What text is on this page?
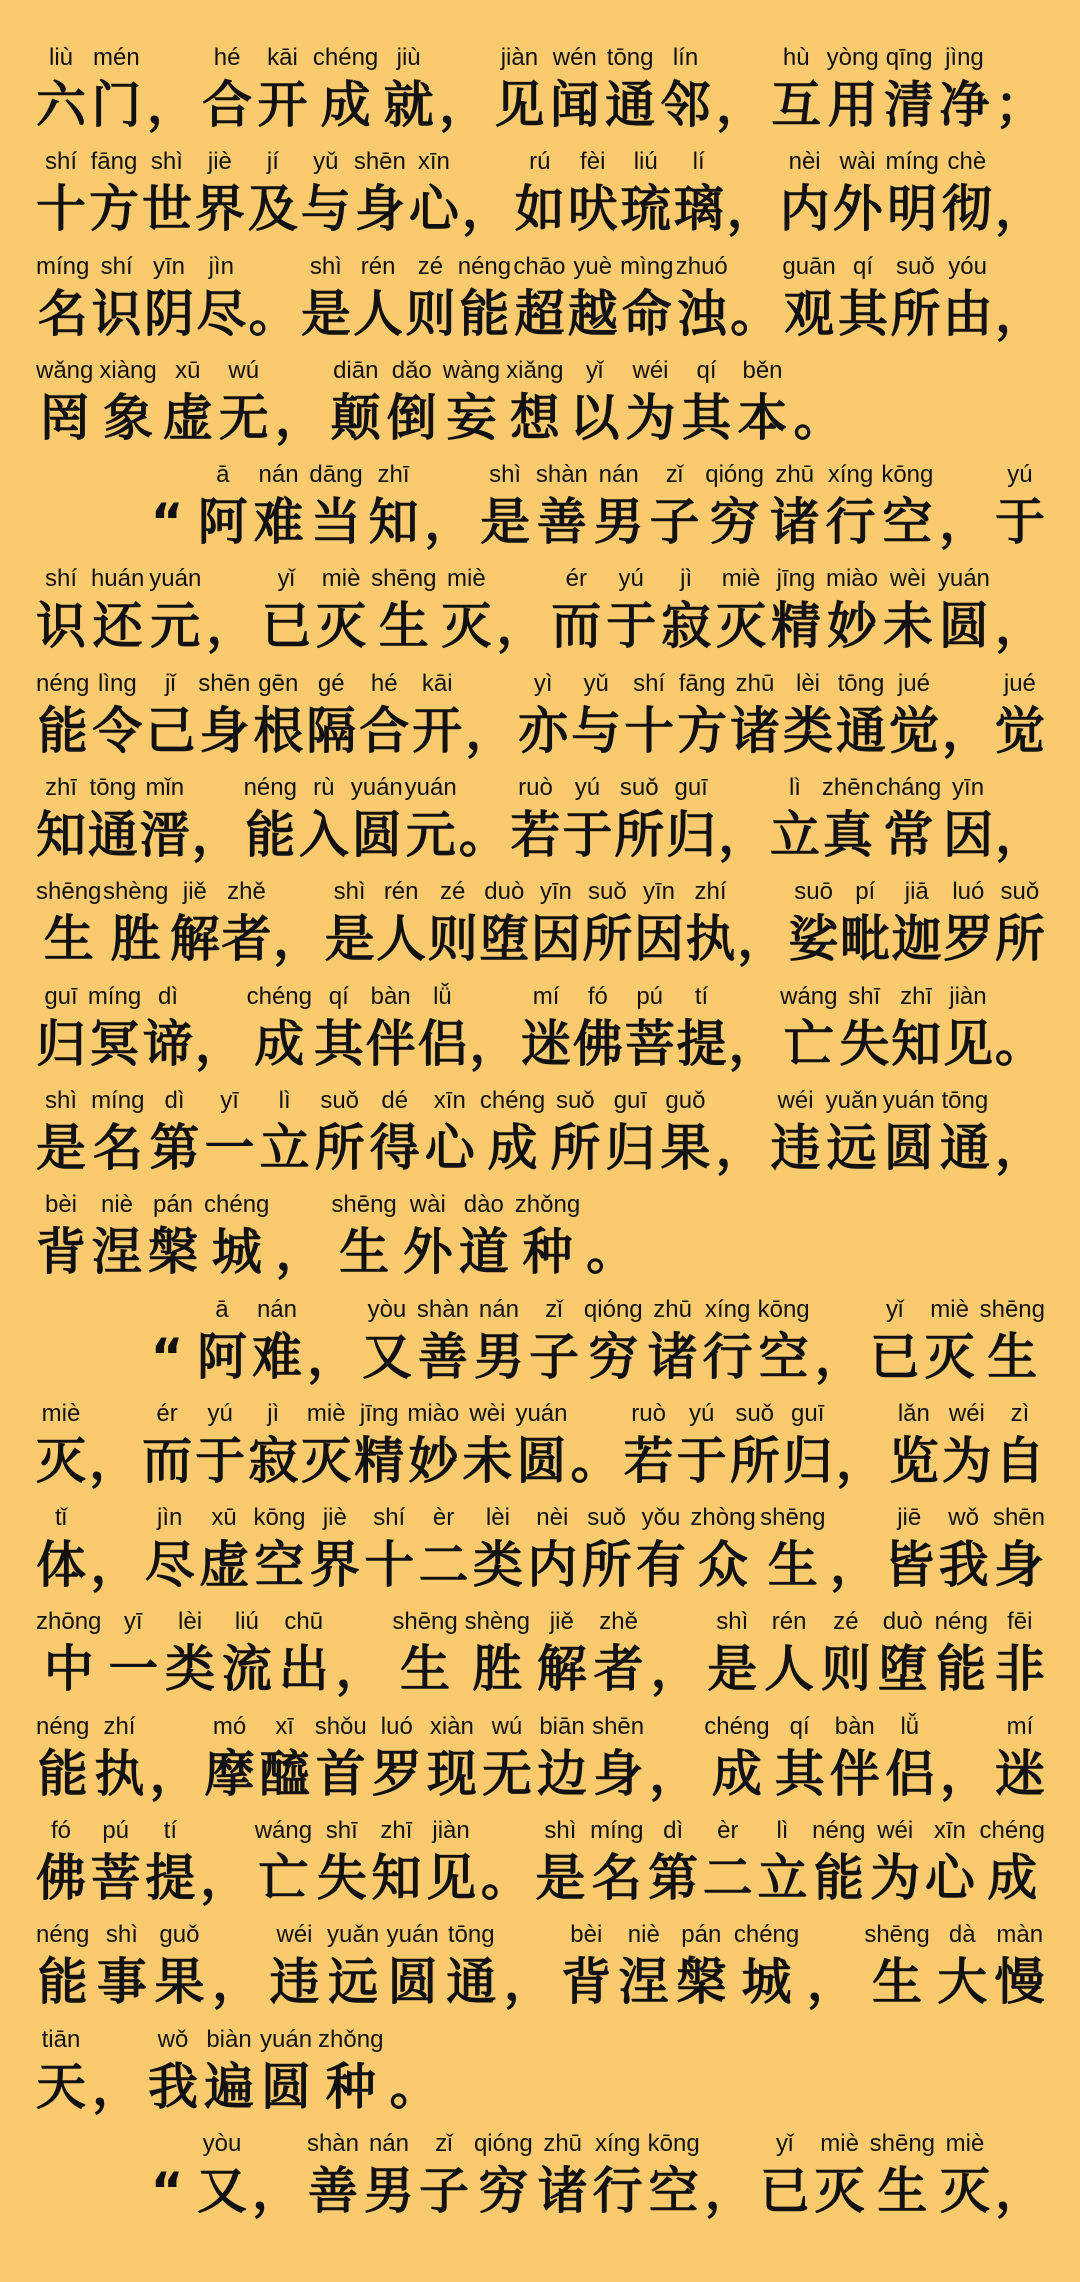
liù
六
mén
门 ，
hé
合
kāi
开
chéng
成
jiù
就 ，
jiàn
见
wén
闻
tōng
通
lín
邻 ，
hù
互
yòng
用
qīng
清
jìng
净 ；
shí
十
fāng
方
shì
世
jiè
界
jí
及
yǔ
与
shēn
身
xīn
心 ，
rú
如
fèi
吠
liú
琉
lí
璃 ，
nèi
内
wài
外
míng
明
chè
彻 ，
míng
名
shí
识
yīn
阴
jìn
尽 。
shì
是
rén
人
zé
则
néng
能
chāo
超
yuè
越
mìng
命
zhuó
浊 。
guān
观
qí
其
suǒ
所
yóu
由 ，
wǎng
罔
xiàng
象
xū
虚
wú
无 ，
diān
颠
dǎo
倒
wàng
妄
xiǎng
想
yǐ
以
wéi
为
qí
其
běn
本 。
“
ā
阿
nán
难
dāng
当
zhī
知 ，
shì
是
shàn
善
nán
男
zǐ
子
qióng
穷
zhū
诸
xíng
行
kōng
空 ，
yú
于
shí
识
huán
还
yuán
元 ，
yǐ
已
miè
灭
shēng
生
miè
灭 ，
ér
而
yú
于
jì
寂
miè
灭
jīng
精
miào
妙
wèi
未
yuán
圆 ，
néng
能
lìng
令
jǐ
己
shēn
身
gēn
根
gé
隔
hé
合
kāi
开 ，
yì
亦
yǔ
与
shí
十
fāng
方
zhū
诸
lèi
类
tōng
通
jué
觉 ，
jué
觉
zhī
知
tōng
通
mǐn
溍 ，
néng
能
rù
入
yuán
圆
yuán
元 。
ruò
若
yú
于
suǒ
所
guī
归 ，
lì
立
zhēn
真
cháng
常
yīn
因 ，
shēng
生
shèng
胜
jiě
解
zhě
者 ，
shì
是
rén
人
zé
则
duò
堕
yīn
因
suǒ
所
yīn
因
zhí
执 ，
suō
娑
pí
毗
jiā
迦
luó
罗
suǒ
所
guī
归
míng
冥
dì
谛 ，
chéng
成
qí
其
bàn
伴
lǚ
侣 ，
mí
迷
fó
佛
pú
菩
tí
提 ，
wáng
亡
shī
失
zhī
知
jiàn
见 。
shì
是
míng
名
dì
第
yī
一
lì
立
suǒ
所
dé
得
xīn
心
chéng
成
suǒ
所
guī
归
guǒ
果 ，
wéi
违
yuǎn
远
yuán
圆
tōng
通 ，
bèi
背
niè
涅
pán
槃
chéng
城 ，
shēng
生
wài
外
dào
道
zhǒng
种 。
“
ā
阿
nán
难 ，
yòu
又
shàn
善
nán
男
zǐ
子
qióng
穷
zhū
诸
xíng
行
kōng
空 ，
yǐ
已
miè
灭
shēng
生
miè
灭 ，
ér
而
yú
于
jì
寂
miè
灭
jīng
精
miào
妙
wèi
未
yuán
圆 。
ruò
若
yú
于
suǒ
所
guī
归 ，
lǎn
览
wéi
为
zì
自
tǐ
体 ，
jìn
尽
xū
虚
kōng
空
jiè
界
shí
十
èr
二
lèi
类
nèi
内
suǒ
所
yǒu
有
zhòng
众
shēng
生 ，
jiē
皆
wǒ
我
shēn
身
zhōng
中
yī
一
lèi
类
liú
流
chū
出 ，
shēng
生
shèng
胜
jiě
解
zhě
者 ，
shì
是
rén
人
zé
则
duò
堕
néng
能
fēi
非
néng
能
zhí
执 ，
mó
摩
xī
醯
shǒu
首
luó
罗
xiàn
现
wú
无
biān
边
shēn
身 ，
chéng
成
qí
其
bàn
伴
lǚ
侣 ，
mí
迷
fó
佛
pú
菩
tí
提 ，
wáng
亡
shī
失
zhī
知
jiàn
见 。
shì
是
míng
名
dì
第
èr
二
lì
立
néng
能
wéi
为
xīn
心
chéng
成
néng
能
shì
事
guǒ
果 ，
wéi
违
yuǎn
远
yuán
圆
tōng
通 ，
bèi
背
niè
涅
pán
槃
chéng
城 ，
shēng
生
dà
大
màn
慢
tiān
天 ，
wǒ
我
biàn
遍
yuán
圆
zhǒng
种 。
“
yòu
又 ，
shàn
善
nán
男
zǐ
子
qióng
穷
zhū
诸
xíng
行
kōng
空 ，
yǐ
已
miè
灭
shēng
生
miè
灭 ，
